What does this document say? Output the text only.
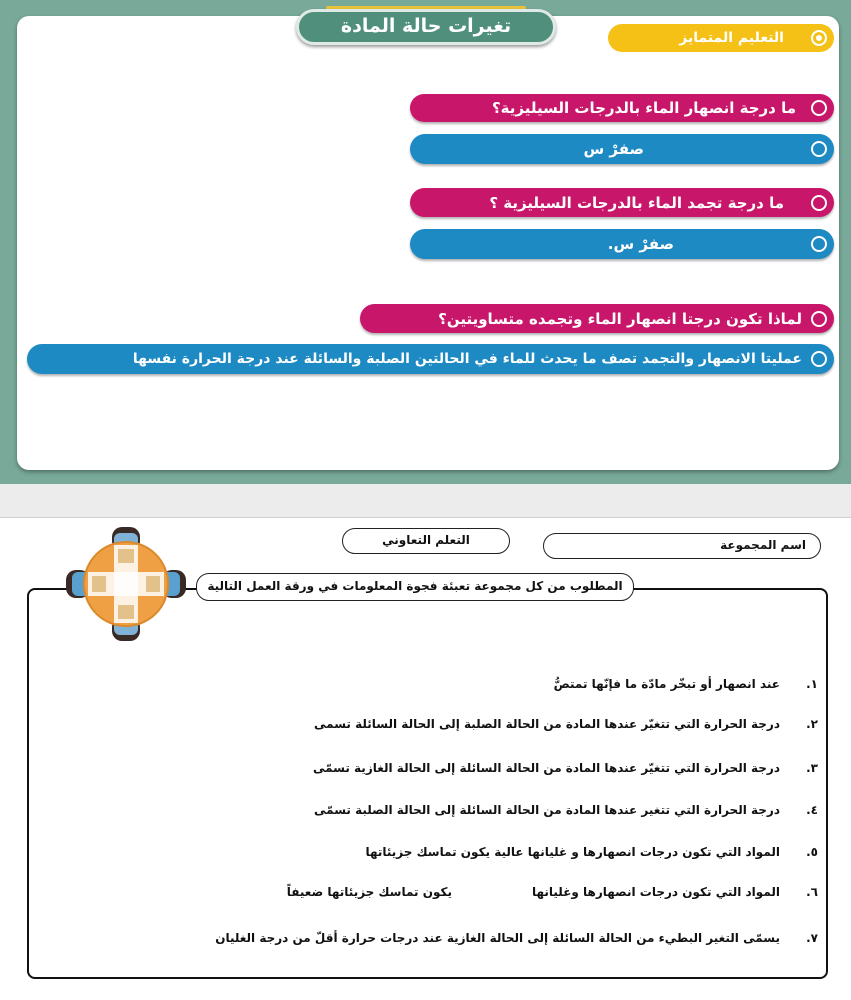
تغيرات حالة المادة
التعليم المتمايز
ما درجة انصهار الماء بالدرجات السيليزية؟
صفرْ س
ما درجة تجمد الماء بالدرجات السيليزية ؟
صفرْ س.
لماذا تكون درجتا انصهار الماء وتجمده متساويتين؟
عمليتا الانصهار والتجمد تصف ما يحدث للماء في الحالتين الصلبة والسائلة عند درجة الحرارة نفسها
التعلم التعاوني	اسم المجموعة
المطلوب من كل مجموعة تعبئة فجوة المعلومات في ورقة العمل التالية
١.
عند انصهار أو تبخّر مادّة ما فإنّها تمتصُّ
٢.
درجة الحرارة التي تتغيّر عندها المادة من الحالة الصلبة إلى الحالة السائلة تسمى
٣.
درجة الحرارة التي تتغيّر عندها المادة من الحالة السائلة إلى الحالة الغازية تسمّى
٤.
درجة الحرارة التي تتغير عندها المادة من الحالة السائلة إلى الحالة الصلبة تسمّى
٥.
المواد التي تكون درجات انصهارها و غليانها عالية يكون تماسك جزيئاتها
٦.
المواد التي تكون درجات انصهارها وغليانها
يكون تماسك جزيئاتها ضعيفاً
٧.
يسمّى التغير البطيء من الحالة السائلة إلى الحالة الغازية عند درجات حرارة أقلّ من درجة الغليان
